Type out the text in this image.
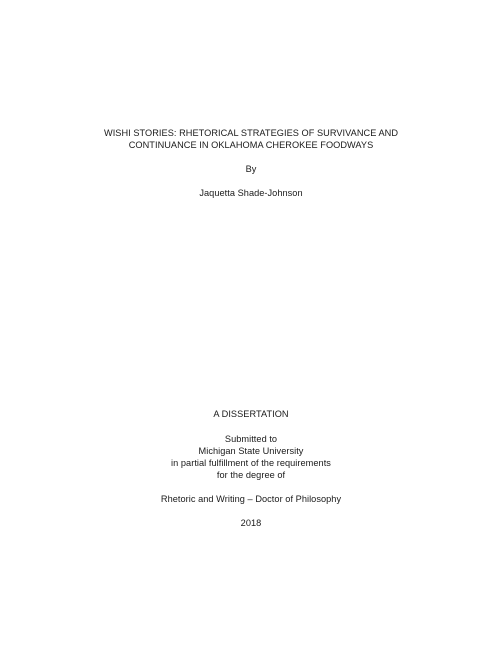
WISHI STORIES: RHETORICAL STRATEGIES OF SURVIVANCE AND
CONTINUANCE IN OKLAHOMA CHEROKEE FOODWAYS
By
Jaquetta Shade-Johnson
A DISSERTATION
Submitted to
Michigan State University
in partial fulfillment of the requirements
for the degree of
Rhetoric and Writing – Doctor of Philosophy
2018
